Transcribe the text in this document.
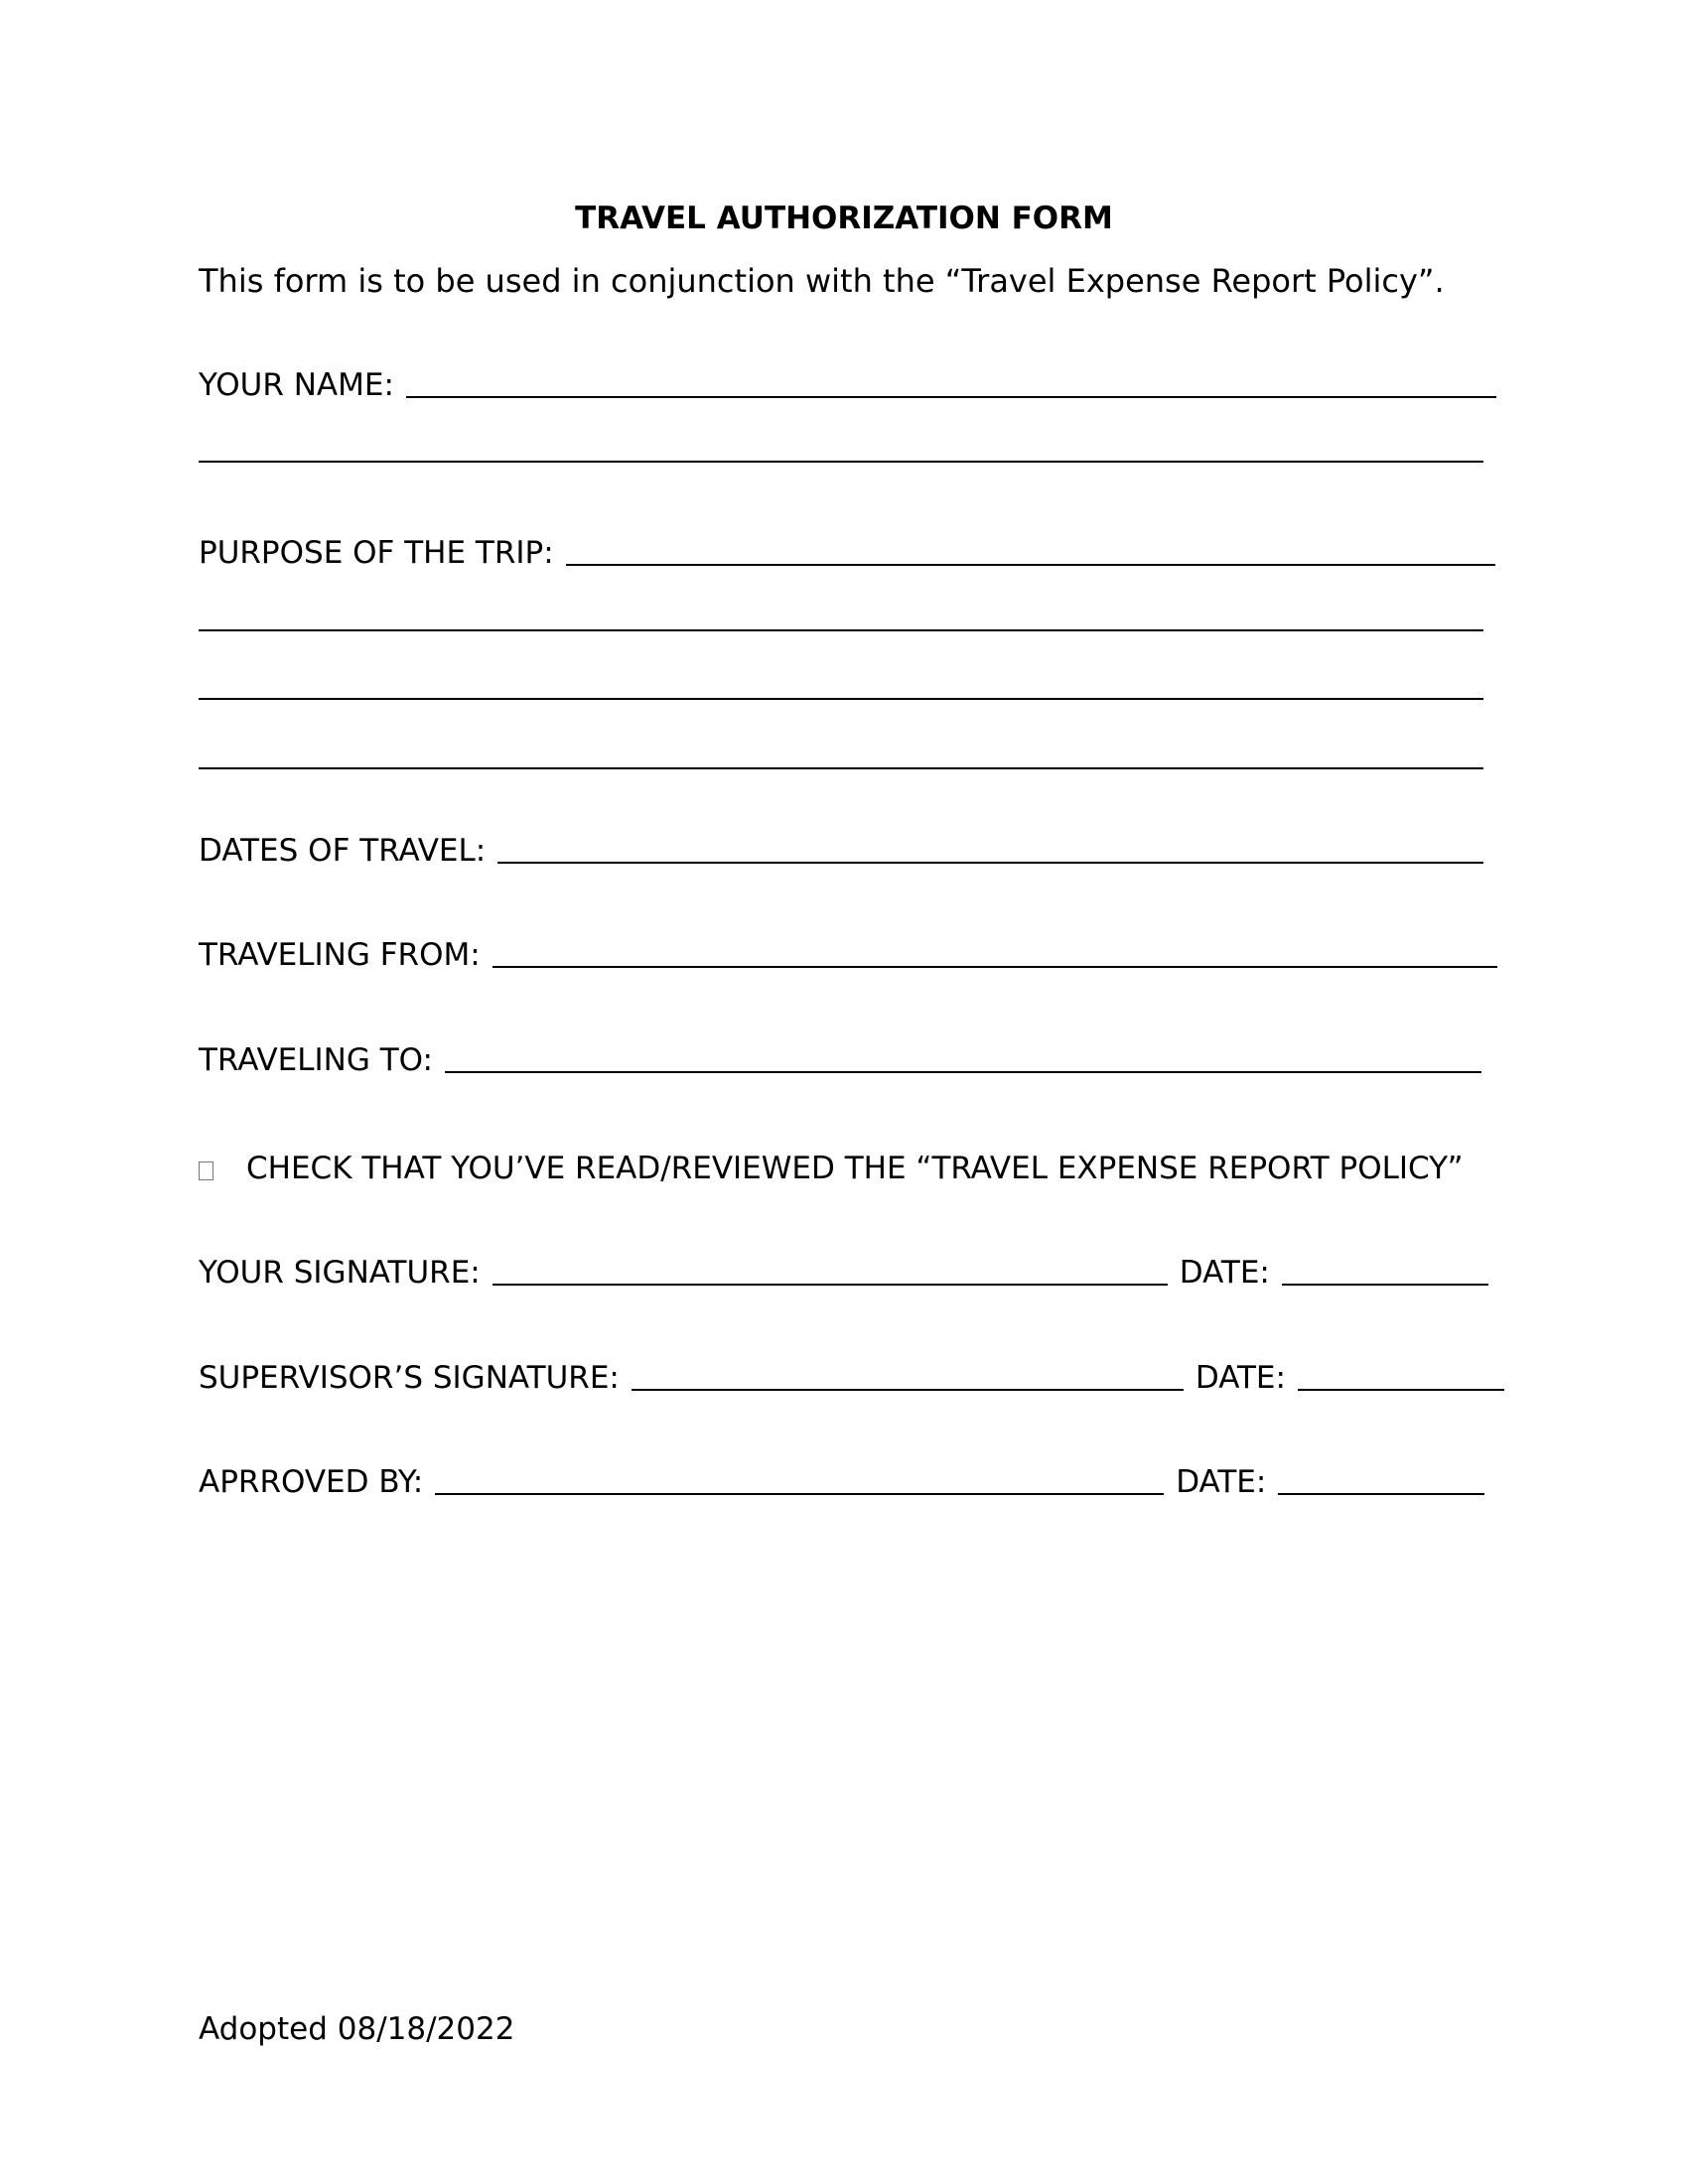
TRAVEL AUTHORIZATION FORM
This form is to be used in conjunction with the “Travel Expense Report Policy”.
YOUR NAME:
PURPOSE OF THE TRIP:
DATES OF TRAVEL:
TRAVELING FROM:
TRAVELING TO:
CHECK THAT YOU’VE READ/REVIEWED THE “TRAVEL EXPENSE REPORT POLICY”
YOUR SIGNATURE:	DATE:
SUPERVISOR’S SIGNATURE:	DATE:
APRROVED BY:	DATE:
Adopted 08/18/2022
